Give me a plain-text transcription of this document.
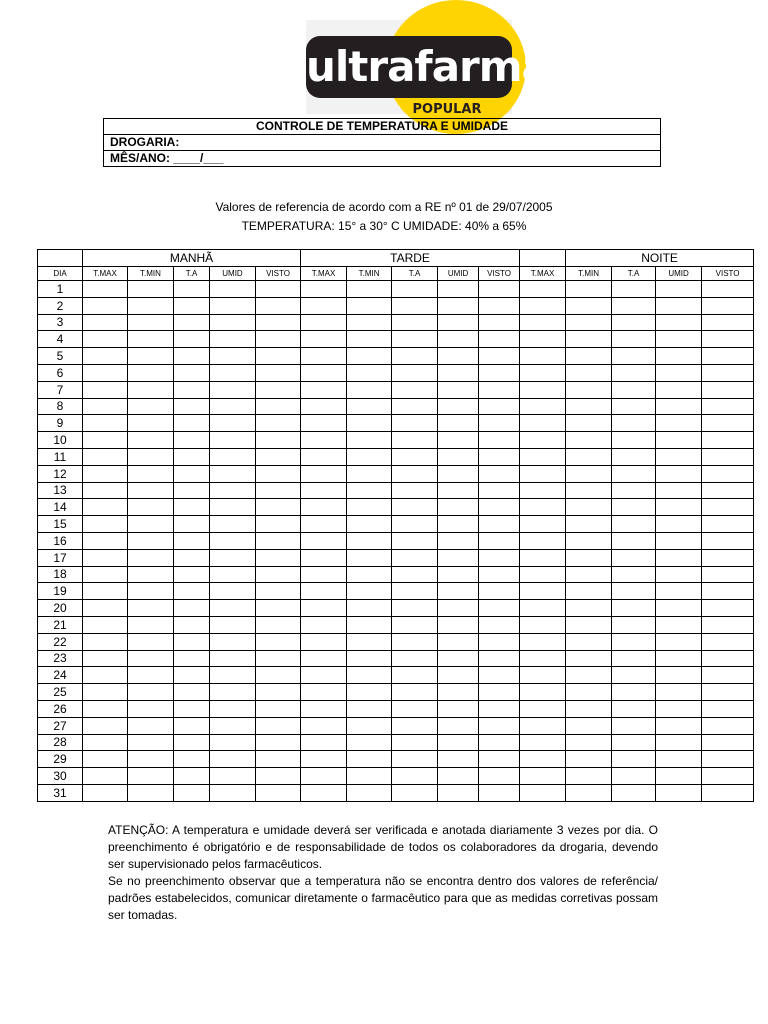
ultrafarma
POPULAR
CONTROLE DE TEMPERATURA E UMIDADE
DROGARIA:
MÊS/ANO: ____/___
Valores de referencia de acordo com a RE nº 01 de 29/07/2005
TEMPERATURA: 15° a 30° C UMIDADE: 40% a 65%
	MANHÃ					TARDE						NOITE			
DIA	T.MAX	T.MIN	T.A	UMID	VISTO	T.MAX	T.MIN	T.A	UMID	VISTO	T.MAX	T.MIN	T.A	UMID	VISTO
1															
2															
3															
4															
5															
6															
7															
8															
9															
10															
11															
12															
13															
14															
15															
16															
17															
18															
19															
20															
21															
22															
23															
24															
25															
26															
27															
28															
29															
30															
31															

ATENÇÃO: A temperatura e umidade deverá ser verificada e anotada diariamente 3 vezes por dia. O preenchimento é obrigatório e de responsabilidade de todos os colaboradores da drogaria, devendo ser supervisionado pelos farmacêuticos.

Se no preenchimento observar que a temperatura não se encontra dentro dos valores de referência/ padrões estabelecidos, comunicar diretamente o farmacêutico para que as medidas corretivas possam ser tomadas.
